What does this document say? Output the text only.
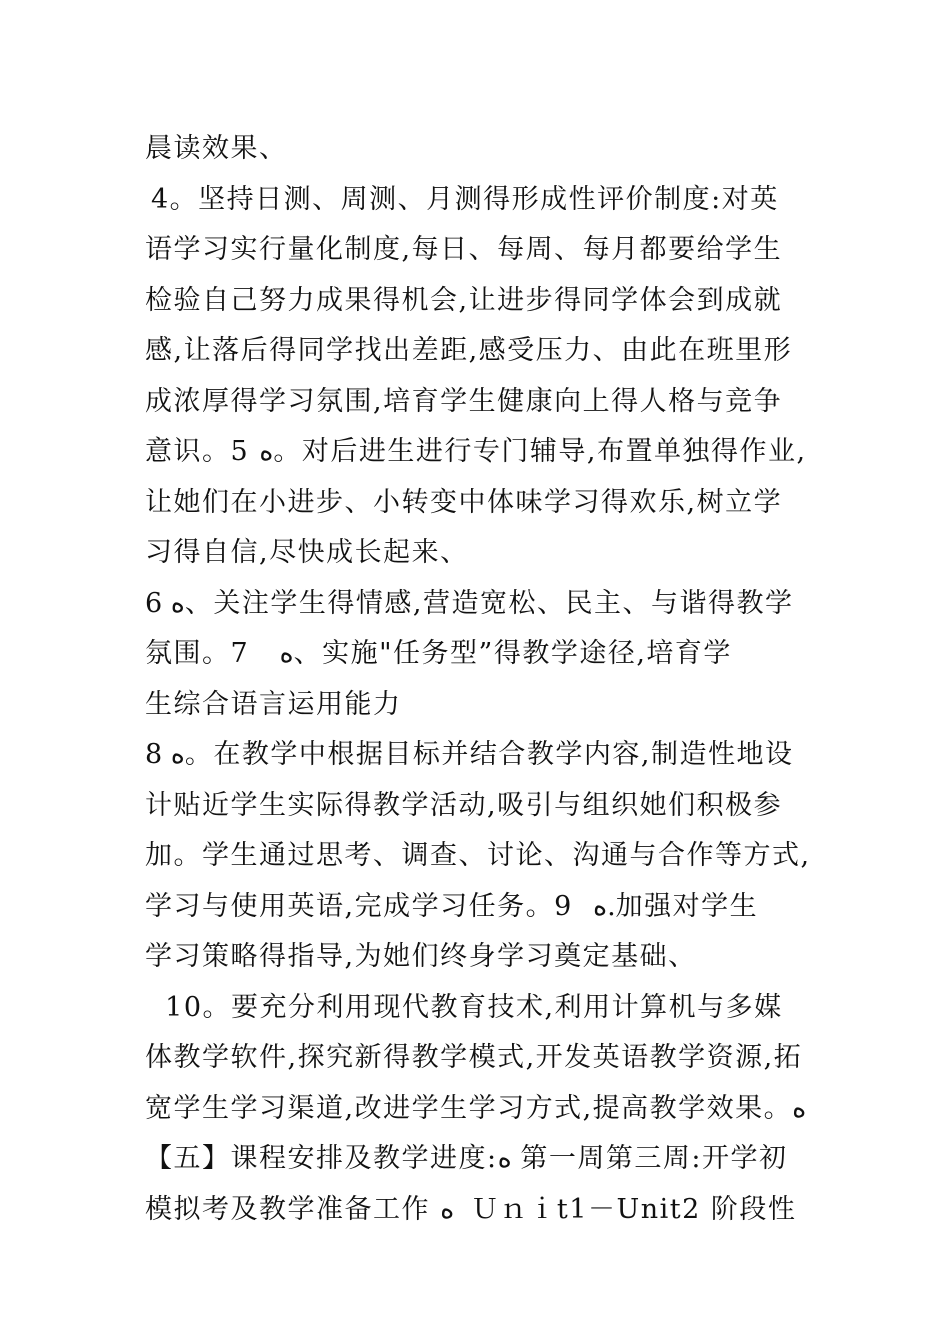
晨读效果、
4。坚持日测、周测、月测得形成性评价制度:对英
语学习实行量化制度,每日、每周、每月都要给学生
检验自己努力成果得机会,让进步得同学体会到成就
感,让落后得同学找出差距,感受压力、由此在班里形
成浓厚得学习氛围,培育学生健康向上得人格与竞争
意识。5 ﻩ。对后进生进行专门辅导,布置单独得作业,
让她们在小进步、小转变中体味学习得欢乐,树立学
习得自信,尽快成长起来、
6 ﻩ、关注学生得情感,营造宽松、民主、与谐得教学
氛围。7   ﻩ、实施"任务型”得教学途径,培育学
生综合语言运用能力
8 ﻩ。在教学中根据目标并结合教学内容,制造性地设
计贴近学生实际得教学活动,吸引与组织她们积极参
加。学生通过思考、调查、讨论、沟通与合作等方式,
学习与使用英语,完成学习任务。9  ﻩ.加强对学生
学习策略得指导,为她们终身学习奠定基础、
10。要充分利用现代教育技术,利用计算机与多媒
体教学软件,探究新得教学模式,开发英语教学资源,拓
宽学生学习渠道,改进学生学习方式,提高教学效果。ﻩ
【五】课程安排及教学进度:ﻩ 第一周第三周:开学初
模拟考及教学准备工作 ﻩ  Ｕｎｉt1－Unit2 阶段性
